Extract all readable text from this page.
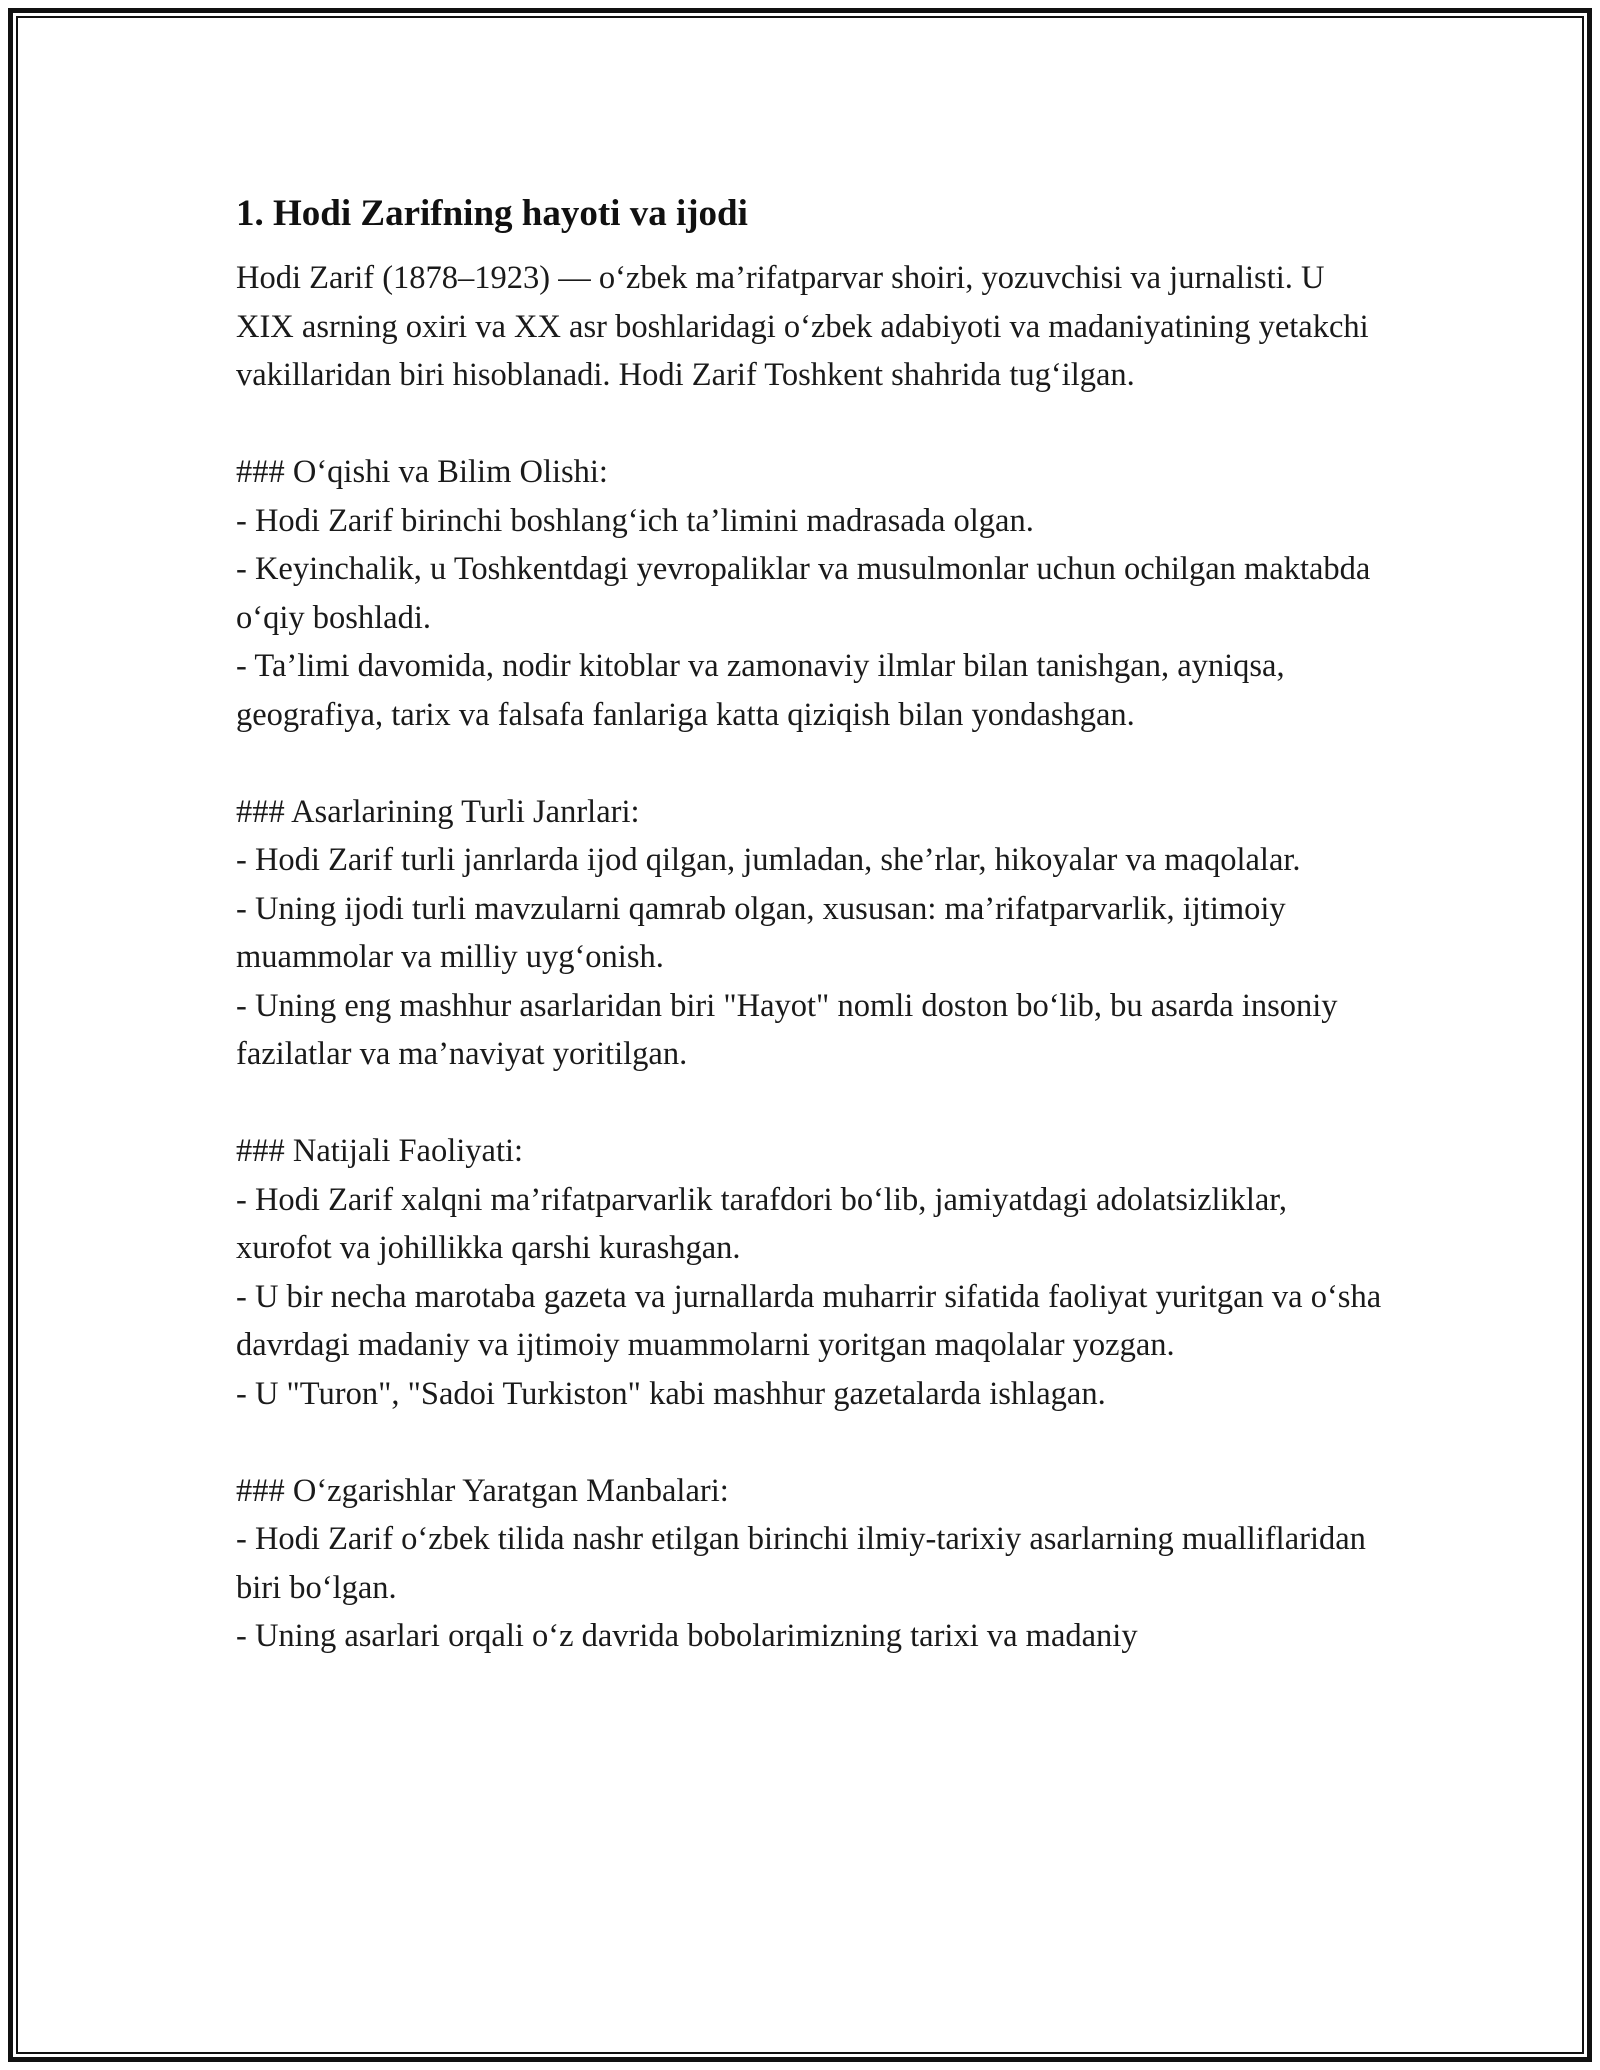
1. Hodi Zarifning hayoti va ijodi

Hodi Zarif (1878–1923) — o‘zbek ma’rifatparvar shoiri, yozuvchisi va jurnalisti. U XIX asrning oxiri va XX asr boshlaridagi o‘zbek adabiyoti va madaniyatining yetakchi vakillaridan biri hisoblanadi. Hodi Zarif Toshkent shahrida tug‘ilgan.

### O‘qishi va Bilim Olishi:

- Hodi Zarif birinchi boshlang‘ich ta’limini madrasada olgan.

- Keyinchalik, u Toshkentdagi yevropaliklar va musulmonlar uchun ochilgan maktabda o‘qiy boshladi.

- Ta’limi davomida, nodir kitoblar va zamonaviy ilmlar bilan tanishgan, ayniqsa, geografiya, tarix va falsafa fanlariga katta qiziqish bilan yondashgan.

### Asarlarining Turli Janrlari:

- Hodi Zarif turli janrlarda ijod qilgan, jumladan, she’rlar, hikoyalar va maqolalar.

- Uning ijodi turli mavzularni qamrab olgan, xususan: ma’rifatparvarlik, ijtimoiy muammolar va milliy uyg‘onish.

- Uning eng mashhur asarlaridan biri "Hayot" nomli doston bo‘lib, bu asarda insoniy fazilatlar va ma’naviyat yoritilgan.

### Natijali Faoliyati:

- Hodi Zarif xalqni ma’rifatparvarlik tarafdori bo‘lib, jamiyatdagi adolatsizliklar, xurofot va johillikka qarshi kurashgan.

- U bir necha marotaba gazeta va jurnallarda muharrir sifatida faoliyat yuritgan va o‘sha davrdagi madaniy va ijtimoiy muammolarni yoritgan maqolalar yozgan.

- U "Turon", "Sadoi Turkiston" kabi mashhur gazetalarda ishlagan.

### O‘zgarishlar Yaratgan Manbalari:

- Hodi Zarif o‘zbek tilida nashr etilgan birinchi ilmiy-tarixiy asarlarning mualliflaridan biri bo‘lgan.

- Uning asarlari orqali o‘z davrida bobolarimizning tarixi va madaniy
